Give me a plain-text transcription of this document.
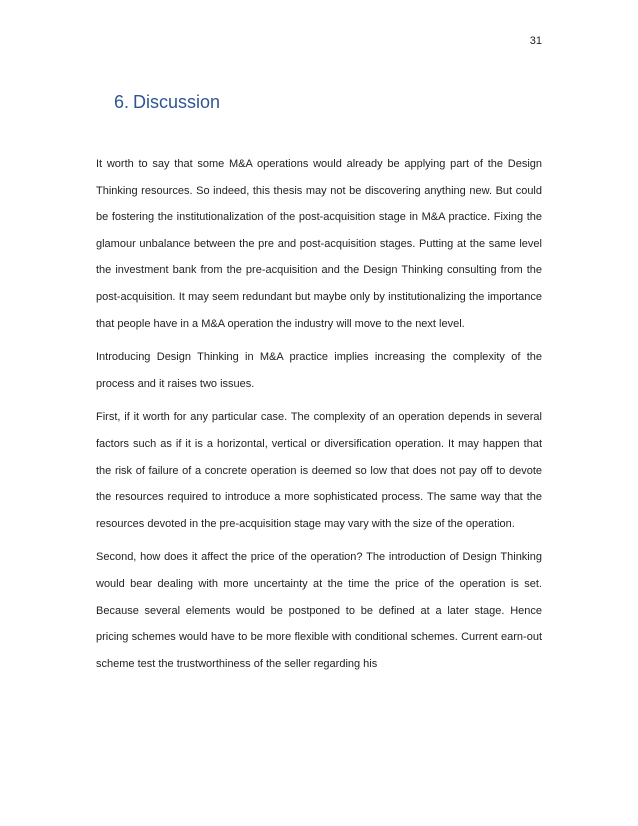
31
6. Discussion

It worth to say that some M&A operations would already be applying part of the Design Thinking resources. So indeed, this thesis may not be discovering anything new. But could be fostering the institutionalization of the post-acquisition stage in M&A practice. Fixing the glamour unbalance between the pre and post-acquisition stages. Putting at the same level the investment bank from the pre-acquisition and the Design Thinking consulting from the post-acquisition. It may seem redundant but maybe only by institutionalizing the importance that people have in a M&A operation the industry will move to the next level.

Introducing Design Thinking in M&A practice implies increasing the complexity of the process and it raises two issues.

First, if it worth for any particular case. The complexity of an operation depends in several factors such as if it is a horizontal, vertical or diversification operation. It may happen that the risk of failure of a concrete operation is deemed so low that does not pay off to devote the resources required to introduce a more sophisticated process. The same way that the resources devoted in the pre-acquisition stage may vary with the size of the operation.

Second, how does it affect the price of the operation? The introduction of Design Thinking would bear dealing with more uncertainty at the time the price of the operation is set. Because several elements would be postponed to be defined at a later stage. Hence pricing schemes would have to be more flexible with conditional schemes. Current earn-out scheme test the trustworthiness of the seller regarding his
